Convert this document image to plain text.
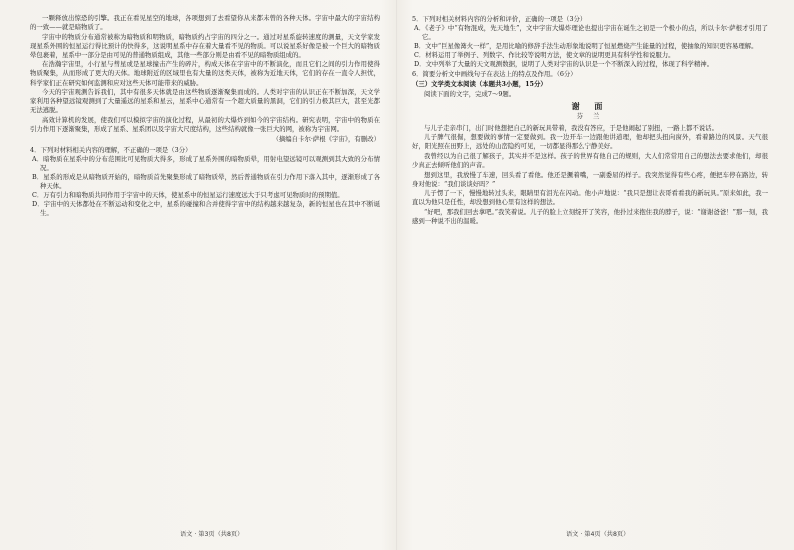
一颗释放出惊恐的引擎。我正在看见星空的地球，各项想到了去看望你从来都未曾的各种天体。宇宙中最大的宇宙结构的一致——就是暗物质了。

宇宙中的物质分布通常被称为暗物质和明物质，暗物质约占宇宙的四分之一。通过对星系旋转速度的测量，天文学家发现星系外围的恒星运行得比预计的快得多，这说明星系中存在着大量看不见的物质。可以说星系好像是被一个巨大的暗物质晕包裹着，星系中一部分是由可见的普通物质组成，其他一些部分则是由看不见的暗物质组成的。

在浩瀚宇宙里，小行星与彗星或是星球撞击产生的碎片，构成天体在宇宙中的不断演化，而且它们之间的引力作用使得物质聚集，从而形成了更大的天体。地球附近的区域里也有大量的这类天体，被称为近地天体，它们的存在一直令人担忧，科学家们正在研究如何监测和应对这些天体可能带来的威胁。

今天的宇宙观测告诉我们，其中有很多天体就是由这些物质逐渐聚集而成的。人类对宇宙的认识正在不断加深，天文学家利用各种望远镜观测到了大量遥远的星系和星云，星系中心通常有一个超大质量的黑洞，它们的引力极其巨大，甚至光都无法逃脱。

高效计算机的发展，使我们可以模拟宇宙的演化过程，从最初的大爆炸到如今的宇宙结构。研究表明，宇宙中的物质在引力作用下逐渐聚集，形成了星系、星系团以及宇宙大尺度结构，这些结构就像一张巨大的网，被称为宇宙网。

（摘编自卡尔·萨根《宇宙》，有删改）

4．下列对材料相关内容的理解，不正确的一项是（3分）

A．暗物质在星系中的分布范围比可见物质大得多，形成了星系外围的暗物质晕，用射电望远镜可以观测到其大致的分布情况。

B．星系的形成是从暗物质开始的，暗物质首先聚集形成了暗物质晕，然后普通物质在引力作用下落入其中，逐渐形成了各种天体。

C．万有引力和暗物质共同作用于宇宙中的天体，使星系中的恒星运行速度远大于只考虑可见物质时的预期值。

D．宇宙中的天体都处在不断运动和变化之中，星系的碰撞和合并使得宇宙中的结构越来越复杂，新的恒星也在其中不断诞生。

5．下列对相关材料内容的分析和评价，正确的一项是（3分）

A．《老子》中“有物混成，先天地生”，文中宇宙大爆炸理论也提出宇宙在诞生之初是一个极小的点，所以卡尔·萨根才引用了它。

B．文中“巨星像篝火一样”，是用比喻的修辞手法生动形象地说明了恒星燃烧产生能量的过程，使抽象的知识更容易理解。

C．材料运用了举例子、列数字、作比较等说明方法，使文章的说明更具有科学性和说服力。

D．文中列举了大量的天文观测数据，说明了人类对宇宙的认识是一个不断深入的过程，体现了科学精神。

6．简要分析文中画线句子在表达上的特点及作用。（6分）

（三）文学类文本阅读（本题共3小题，15分）

阅读下面的文字，完成7～9题。

谢 面

芬 兰

与儿子走亲串门，出门时他想把自己的新玩具带着，我没有答应，于是他闹起了别扭，一路上都不说话。

儿子脾气很倔，想要做的事情一定要做到。我一边开车一边跟他讲道理，他却把头扭向窗外，看着路边的风景。天气很好，阳光照在田野上，远处的山峦隐约可见，一切都显得那么宁静美好。

我曾经以为自己很了解孩子，其实并不是这样。孩子的世界有他自己的规则，大人们常常用自己的想法去要求他们，却很少真正去倾听他们的声音。

想到这里，我放慢了车速，回头看了看他。他还是撅着嘴，一副委屈的样子。我突然觉得有些心疼，便把车停在路边，转身对他说：“我们谈谈好吗？”

儿子愣了一下，慢慢地转过头来，眼睛里有泪光在闪动。他小声地说：“我只是想让表哥看看我的新玩具。”原来如此，我一直以为他只是任性，却没想到他心里有这样的想法。

“好吧，那我们回去拿吧。”我笑着说。儿子的脸上立刻绽开了笑容，他扑过来抱住我的脖子，说：“谢谢爸爸！”那一刻，我感到一种说不出的温暖。

语文 · 第3页（共8页）	语文 · 第4页（共8页）
